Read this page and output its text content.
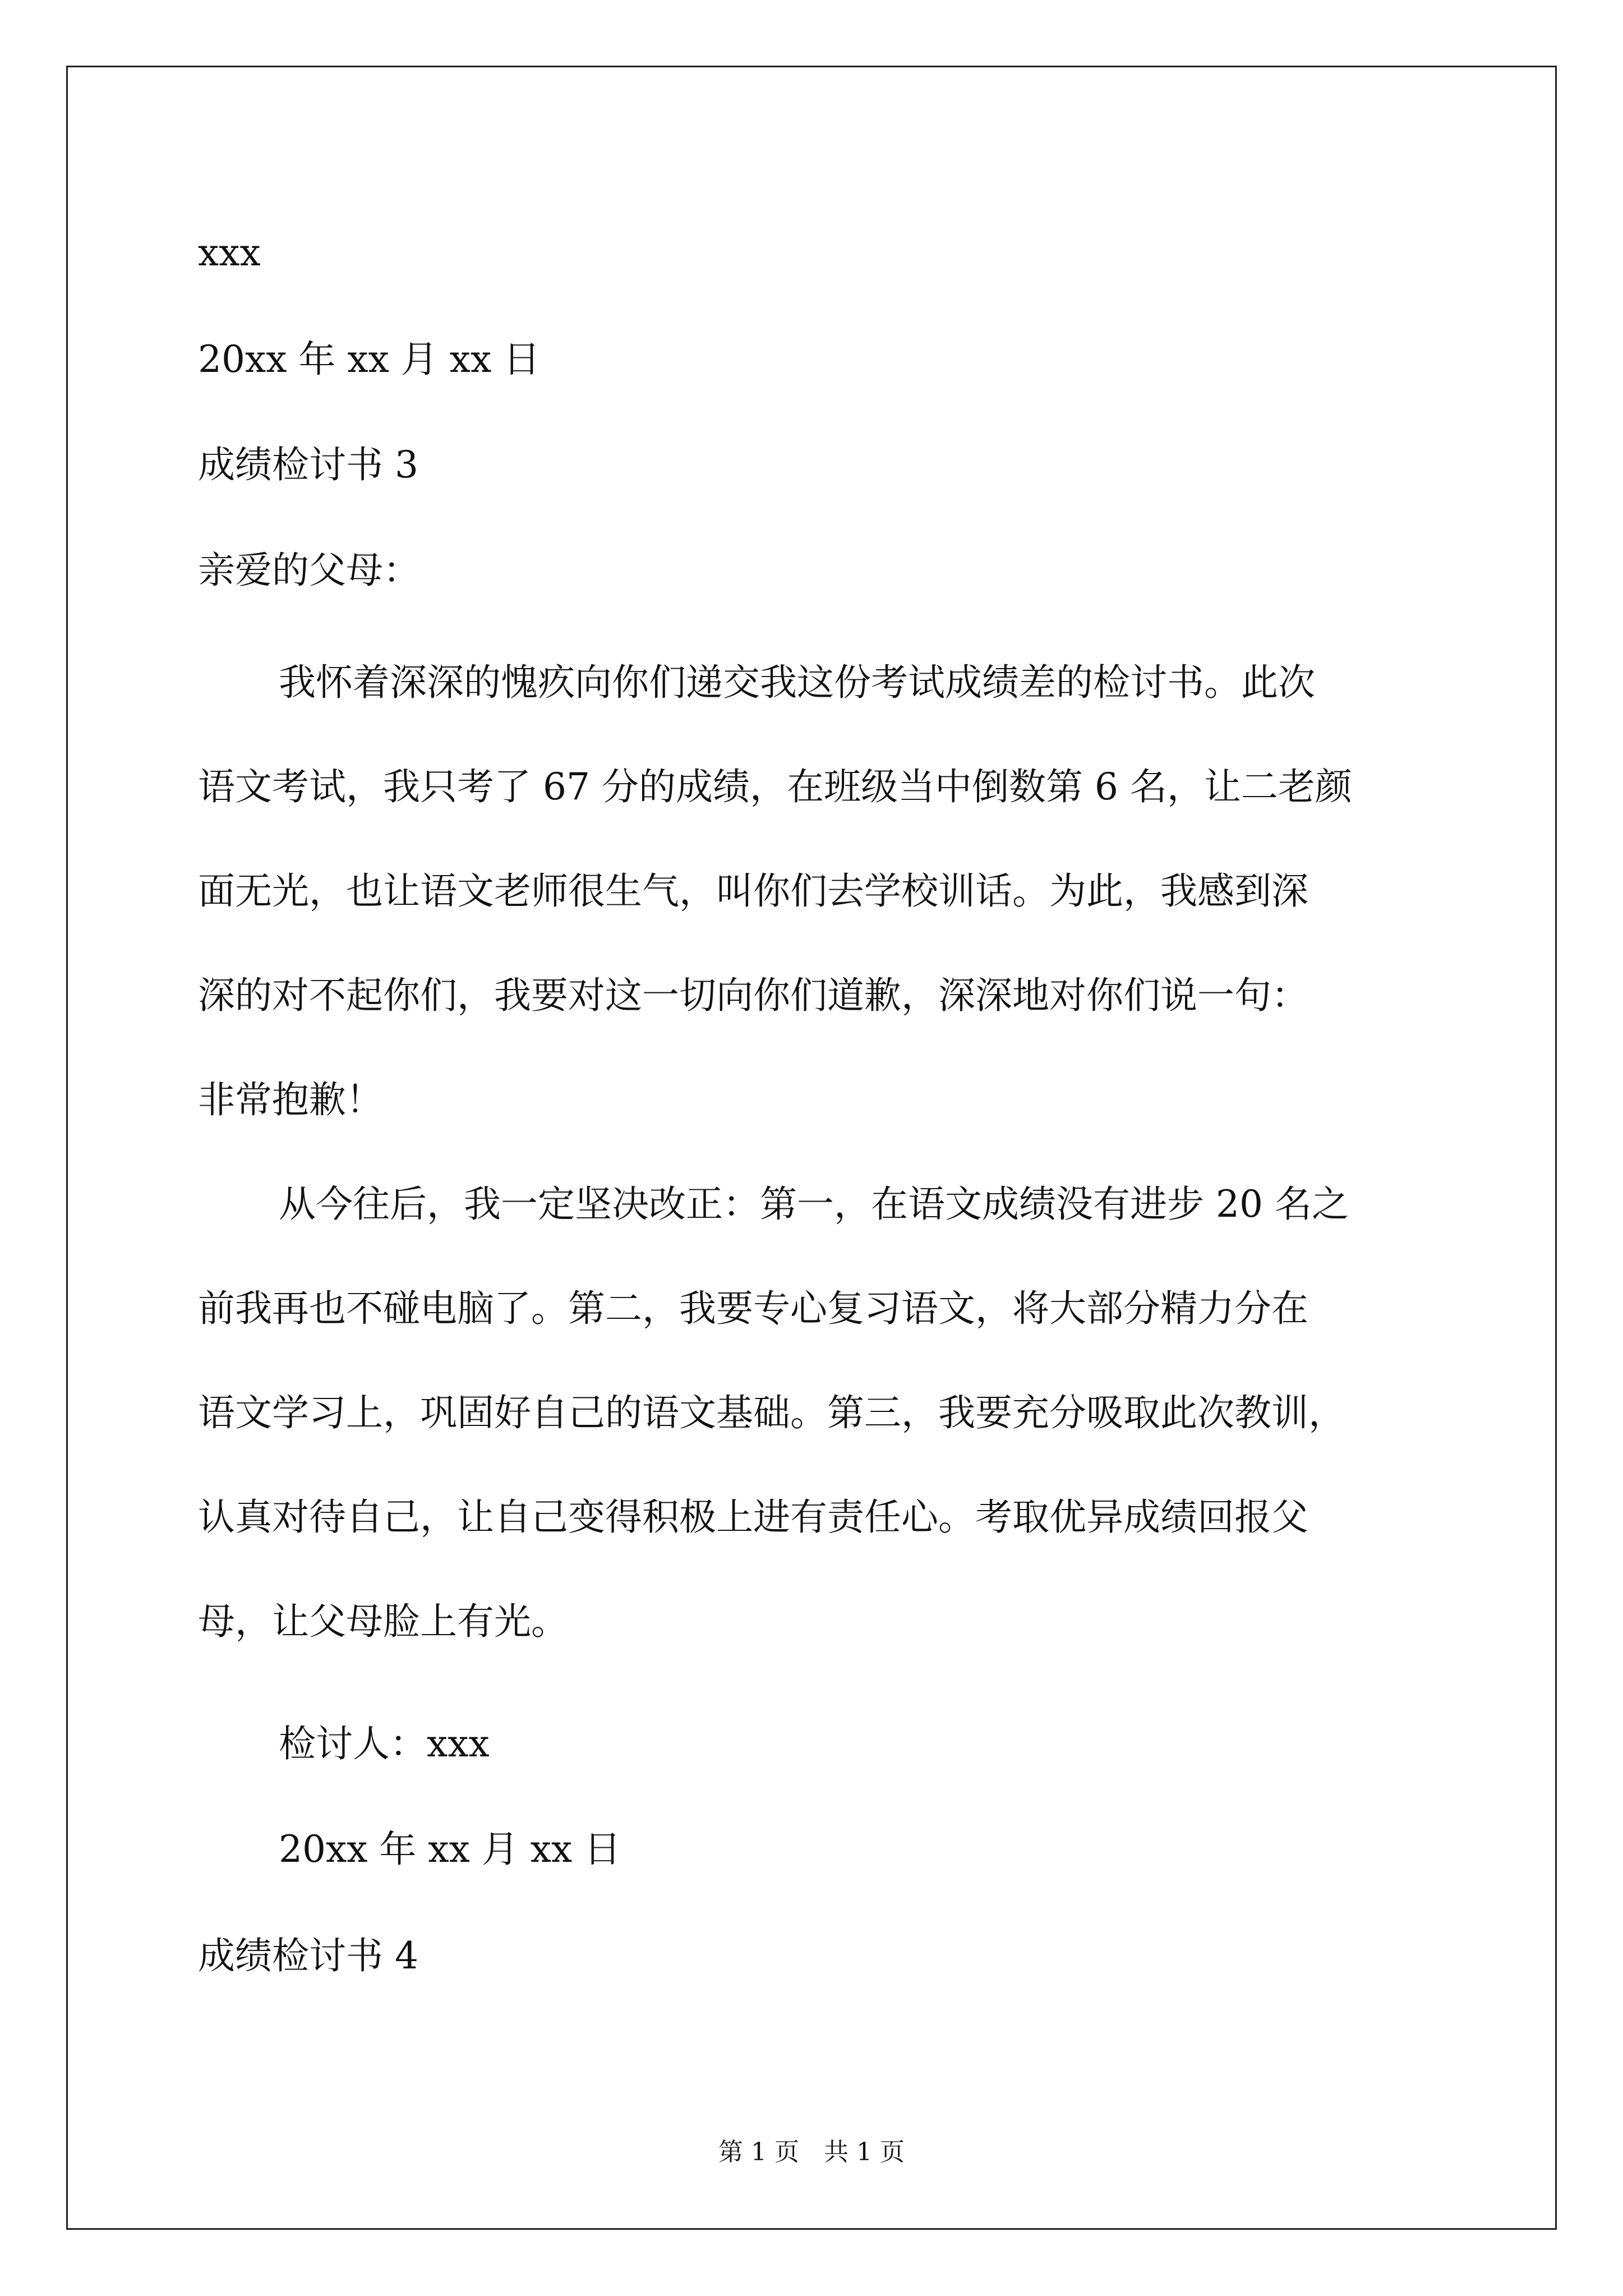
xxx
20xx 年 xx 月 xx 日
成绩检讨书 3
亲爱的父母：
我怀着深深的愧疚向你们递交我这份考试成绩差的检讨书。此次
语文考试，我只考了 67 分的成绩，在班级当中倒数第 6 名，让二老颜
面无光，也让语文老师很生气，叫你们去学校训话。为此，我感到深
深的对不起你们，我要对这一切向你们道歉，深深地对你们说一句：
非常抱歉！
从今往后，我一定坚决改正：第一，在语文成绩没有进步 20 名之
前我再也不碰电脑了。第二，我要专心复习语文，将大部分精力分在
语文学习上，巩固好自己的语文基础。第三，我要充分吸取此次教训，
认真对待自己，让自己变得积极上进有责任心。考取优异成绩回报父
母，让父母脸上有光。
检讨人：xxx
20xx 年 xx 月 xx 日
成绩检讨书 4
第 1 页　共 1 页
